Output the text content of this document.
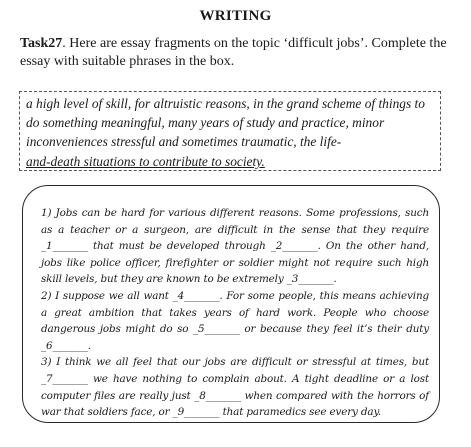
WRITING
Task27. Here are essay fragments on the topic ‘difficult jobs’. Complete the essay with suitable phrases in the box.
a high level of skill, for altruistic reasons, in the grand scheme of things to do something meaningful, many years of study and practice, minor inconveniences stressful and sometimes traumatic, the life-
and-death situations to contribute to society.

1) Jobs can be hard for various different reasons. Some professions, such as a teacher or a surgeon, are difficult in the sense that they require _1_______ that must be developed through _2_______. On the other hand, jobs like police officer, firefighter or soldier might not require such high skill levels, but they are known to be extremely _3_______.

2) I suppose we all want _4_______. For some people, this means achieving a great ambition that takes years of hard work. People who choose dangerous jobs might do so _5_______ or because they feel it’s their duty _6_______.

3) I think we all feel that our jobs are difficult or stressful at times, but _7_______ we have nothing to complain about. A tight deadline or a lost computer files are really just _8_______ when compared with the horrors of war that soldiers face, or _9_______ that paramedics see every day.
